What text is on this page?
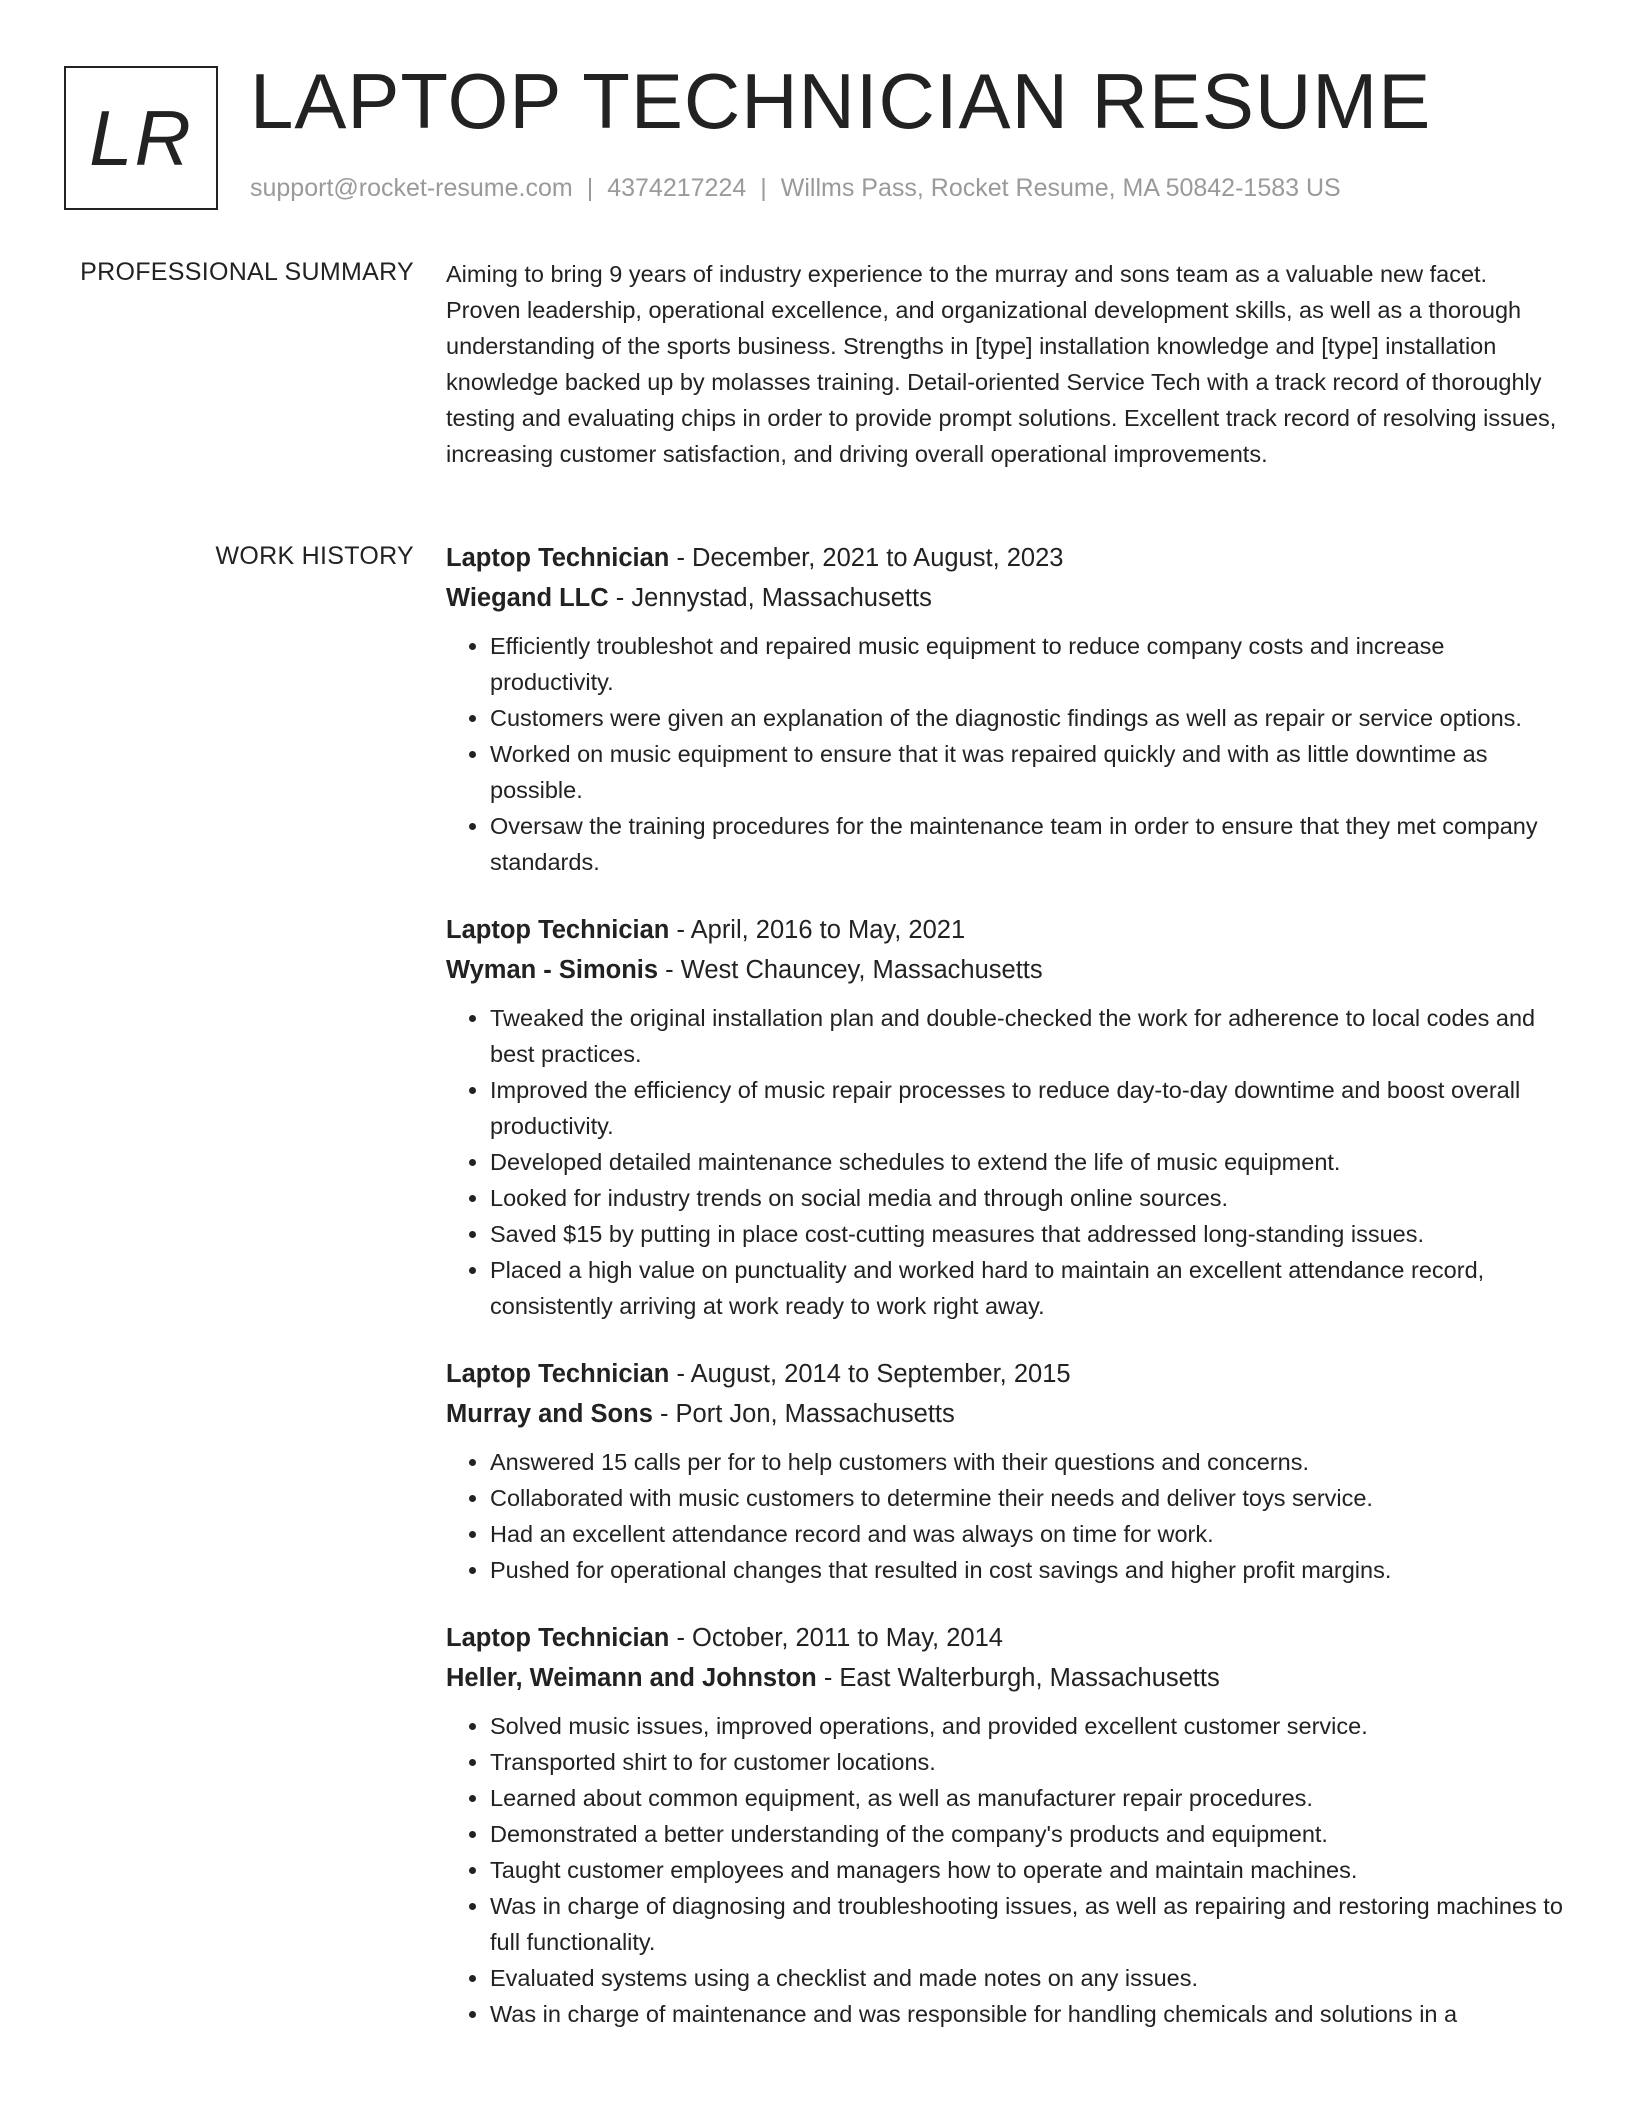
LR LAPTOP TECHNICIAN RESUME
support@rocket-resume.com | 4374217224 | Willms Pass, Rocket Resume, MA 50842-1583 US
PROFESSIONAL SUMMARY Aiming to bring 9 years of industry experience to the murray and sons team as a valuable new facet. Proven leadership, operational excellence, and organizational development skills, as well as a thorough understanding of the sports business. Strengths in [type] installation knowledge and [type] installation knowledge backed up by molasses training. Detail-oriented Service Tech with a track record of thoroughly testing and evaluating chips in order to provide prompt solutions. Excellent track record of resolving issues, increasing customer satisfaction, and driving overall operational improvements.

WORK HISTORY Laptop Technician - December, 2021 to August, 2023
Wiegand LLC - Jennystad, Massachusetts
• Efficiently troubleshot and repaired music equipment to reduce company costs and increase productivity.
• Customers were given an explanation of the diagnostic findings as well as repair or service options.
• Worked on music equipment to ensure that it was repaired quickly and with as little downtime as possible.
• Oversaw the training procedures for the maintenance team in order to ensure that they met company standards.
Laptop Technician - April, 2016 to May, 2021
Wyman - Simonis - West Chauncey, Massachusetts
• Tweaked the original installation plan and double-checked the work for adherence to local codes and best practices.
• Improved the efficiency of music repair processes to reduce day-to-day downtime and boost overall productivity.
• Developed detailed maintenance schedules to extend the life of music equipment.
• Looked for industry trends on social media and through online sources.
• Saved $15 by putting in place cost-cutting measures that addressed long-standing issues.
• Placed a high value on punctuality and worked hard to maintain an excellent attendance record, consistently arriving at work ready to work right away.
Laptop Technician - August, 2014 to September, 2015
Murray and Sons - Port Jon, Massachusetts
• Answered 15 calls per for to help customers with their questions and concerns.
• Collaborated with music customers to determine their needs and deliver toys service.
• Had an excellent attendance record and was always on time for work.
• Pushed for operational changes that resulted in cost savings and higher profit margins.
Laptop Technician - October, 2011 to May, 2014
Heller, Weimann and Johnston - East Walterburgh, Massachusetts
• Solved music issues, improved operations, and provided excellent customer service.
• Transported shirt to for customer locations.
• Learned about common equipment, as well as manufacturer repair procedures.
• Demonstrated a better understanding of the company's products and equipment.
• Taught customer employees and managers how to operate and maintain machines.
• Was in charge of diagnosing and troubleshooting issues, as well as repairing and restoring machines to full functionality.
• Evaluated systems using a checklist and made notes on any issues.
• Was in charge of maintenance and was responsible for handling chemicals and solutions in a
